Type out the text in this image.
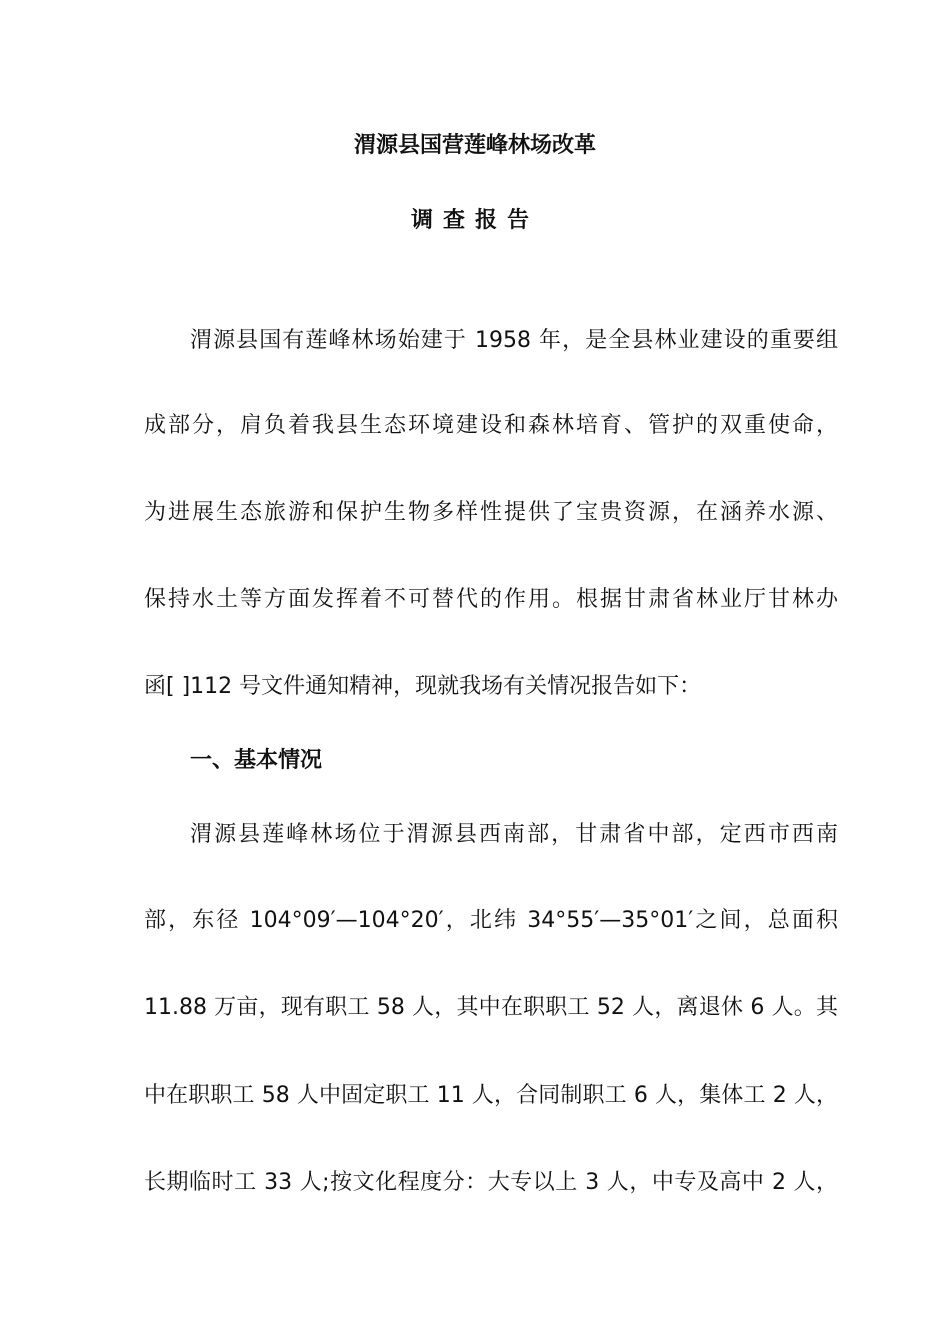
渭源县国营莲峰林场改革
调查报告
渭源县国有莲峰林场始建于 1958 年，是全县林业建设的重要组
成部分，肩负着我县生态环境建设和森林培育、管护的双重使命，
为进展生态旅游和保护生物多样性提供了宝贵资源，在涵养水源、
保持水土等方面发挥着不可替代的作用。根据甘肃省林业厅甘林办
函[ ]112 号文件通知精神，现就我场有关情况报告如下：
一、基本情况
渭源县莲峰林场位于渭源县西南部，甘肃省中部，定西市西南
部，东径 104°09′—104°20′，北纬 34°55′—35°01′之间，总面积
11.88 万亩，现有职工 58 人，其中在职职工 52 人，离退休 6 人。其
中在职职工 58 人中固定职工 11 人，合同制职工 6 人，集体工 2 人，
长期临时工 33 人;按文化程度分：大专以上 3 人，中专及高中 2 人，
